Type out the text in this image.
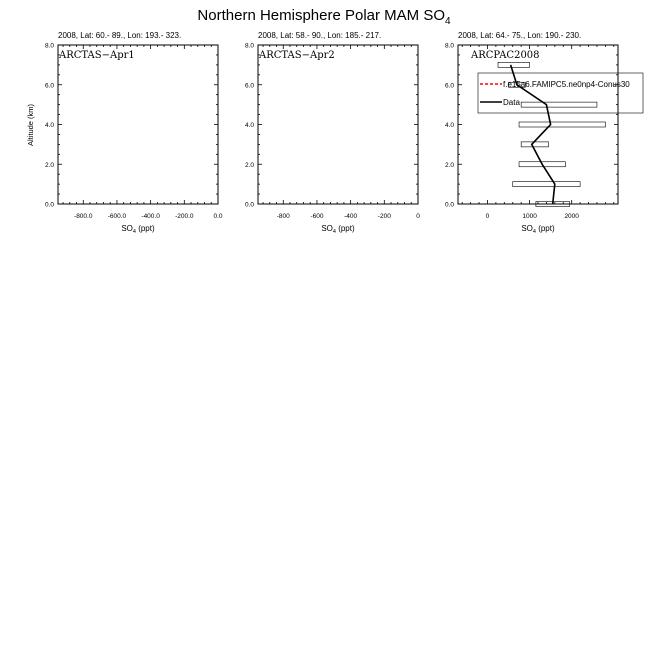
Northern Hemisphere Polar MAM $SO_4$
2008, Lat: 60.- 89., Lon: 193.- 323.	2008, Lat: 58.- 90., Lon: 185.- 217.	2008, Lat: 64.- 75., Lon: 190.- 230.
0.0
2.0
4.0
6.0
8.0
-800.0 -600.0 -400.0 -200.0	0.0
$SO_4$ (ppt)
ARCTAS−Apr1
0.0
2.0
4.0
6.0
8.0
-800	-600	-400	-200	0
$SO_4$ (ppt)
ARCTAS−Apr2
0.0
2.0
4.0
6.0
8.0
0	1000	2000
$SO_4$ (ppt)
ARCPAC2008
f.e15a6.FAMIPC5.ne0np4-Conus30
Data
Altitude (km)
